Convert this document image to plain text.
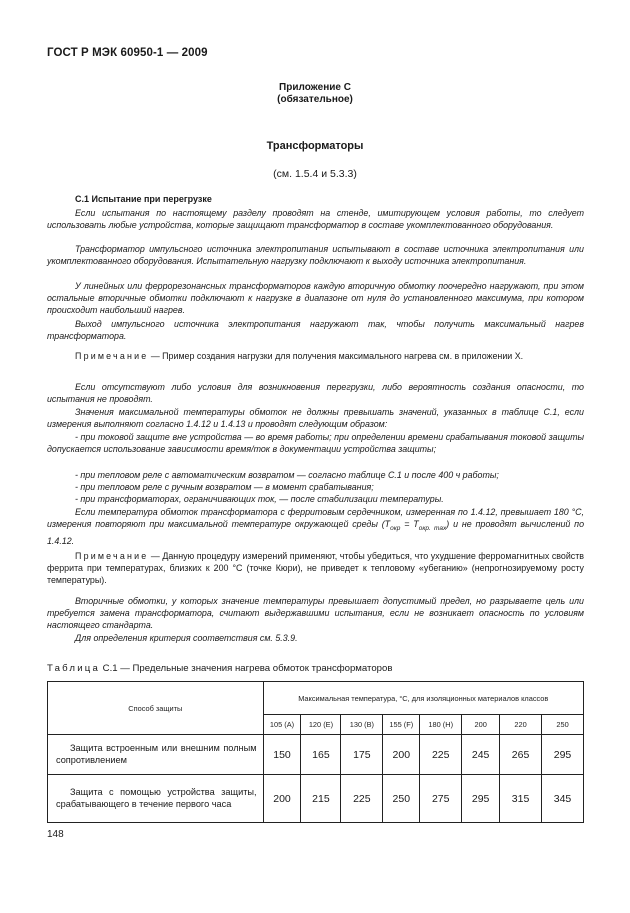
ГОСТ Р МЭК 60950-1 — 2009
Приложение С
(обязательное)
Трансформаторы
(см. 1.5.4 и 5.3.3)
С.1 Испытание при перегрузке

Если испытания по настоящему разделу проводят на стенде, имитирующем условия работы, то следует использовать любые устройства, которые защищают трансформатор в составе укомплектованного оборудования.

Трансформатор импульсного источника электропитания испытывают в составе источника электропитания или укомплектованного оборудования. Испытательную нагрузку подключают к выходу источника электропитания.

У линейных или феррорезонансных трансформаторов каждую вторичную обмотку поочередно нагружают, при этом остальные вторичные обмотки подключают к нагрузке в диапазоне от нуля до установленного максимума, при котором происходит наибольший нагрев.

Выход импульсного источника электропитания нагружают так, чтобы получить максимальный нагрев трансформатора.

Примечание — Пример создания нагрузки для получения максимального нагрева см. в приложении X.

Если отсутствуют либо условия для возникновения перегрузки, либо вероятность создания опасности, то испытания не проводят.

Значения максимальной температуры обмоток не должны превышать значений, указанных в таблице С.1, если измерения выполняют согласно 1.4.12 и 1.4.13 и проводят следующим образом:

- при токовой защите вне устройства — во время работы; при определении времени срабатывания токовой защиты допускается использование зависимости время/ток в документации устройства защиты;

- при тепловом реле с автоматическим возвратом — согласно таблице С.1 и после 400 ч работы;

- при тепловом реле с ручным возвратом — в момент срабатывания;

- при трансформаторах, ограничивающих ток, — после стабилизации температуры.

Если температура обмоток трансформатора с ферритовым сердечником, измеренная по 1.4.12, превышает 180 °С, измерения повторяют при максимальной температуре окружающей среды $(T_{окр} = T_{окр. max})$ и не проводят вычислений по 1.4.12.

Примечание — Данную процедуру измерений применяют, чтобы убедиться, что ухудшение ферромагнитных свойств феррита при температурах, близких к 200 °С (точке Кюри), не приведет к тепловому «убеганию» (непрогнозируемому росту температуры).

Вторичные обмотки, у которых значение температуры превышает допустимый предел, но разрываете цель или требуется замена трансформатора, считают выдержавшими испытания, если не возникает опасность по условиям настоящего стандарта.

Для определения критерия соответствия см. 5.3.9.

Таблица С.1 — Предельные значения нагрева обмоток трансформаторов
Способ защиты	Максимальная температура, °С, для изоляционных материалов классов							
	105 (А)	120 (Е)	130 (В)	155 (F)	180 (Н)	200	220	250
Защита встроенным или внешним полным сопротивлением	150	165	175	200	225	245	265	295
Защита с помощью устройства защиты, срабатывающего в течение первого часа	200	215	225	250	275	295	315	345
148
